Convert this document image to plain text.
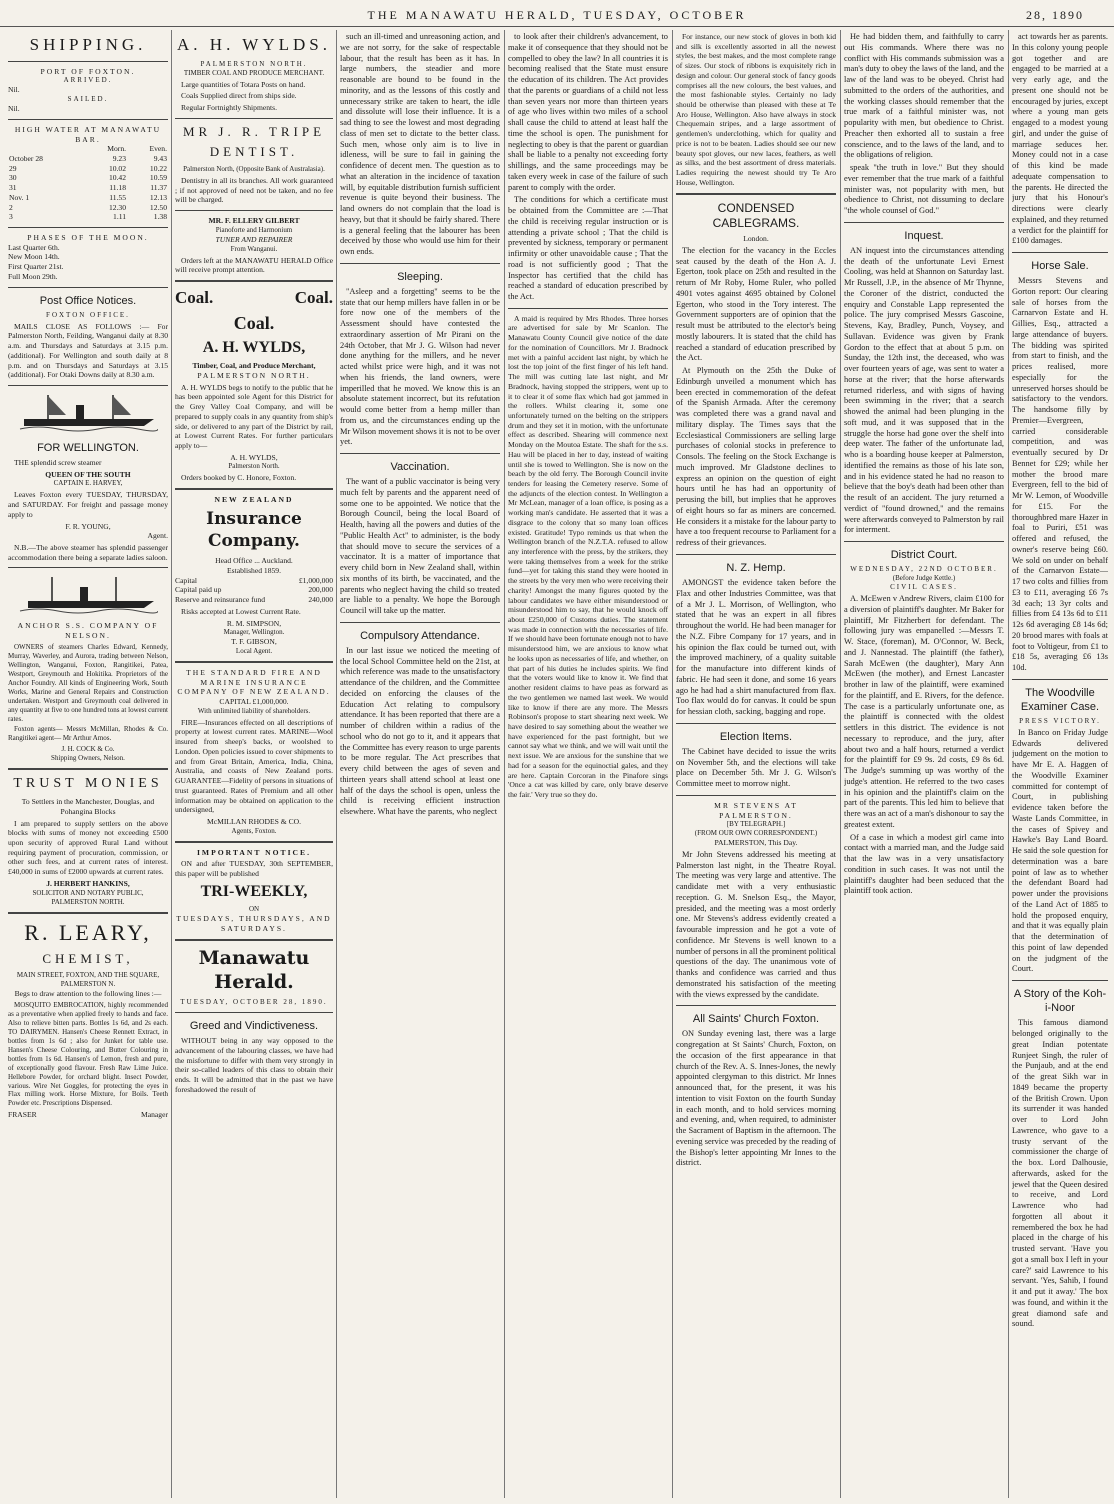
THE MANAWATU HERALD, TUESDAY, OCTOBER	28, 1890
SHIPPING.
PORT OF FOXTON.
ARRIVED.
Nil.
SAILED.
Nil.
HIGH WATER AT MANAWATU BAR.
	Morn.	Even.
October 28	9.23	9.43
29	10.02	10.22
30	10.42	10.59
31	11.18	11.37
Nov. 1	11.55	12.13
2	12.30	12.50
3	1.11	1.38
PHASES OF THE MOON.
Last Quarter 6th.
New Moon 14th.
First Quarter 21st.
Full Moon 29th.
Post Office Notices.
FOXTON OFFICE.

MAILS CLOSE AS FOLLOWS :— For Palmerston North, Feilding, Wanganui daily at 8.30 a.m. and Thursdays and Saturdays at 3.15 p.m. (additional). For Wellington and south daily at 8 p.m. and on Thursdays and Saturdays at 3.15 (additional). For Otaki Downs daily at 8.30 a.m.

FOR WELLINGTON.

THE splendid screw steamer

QUEEN OF THE SOUTH
CAPTAIN E. HARVEY,

Leaves Foxton every TUESDAY, THURSDAY, and SATURDAY. For freight and passage money apply to

F. R. YOUNG,
Agent.

N.B.—The above steamer has splendid passenger accommodation there being a separate ladies saloon.

ANCHOR S.S. COMPANY OF NELSON.

OWNERS of steamers Charles Edward, Kennedy, Murray, Waverley, and Aurora, trading between Nelson, Wellington, Wanganui, Foxton, Rangitikei, Patea, Westport, Greymouth and Hokitika. Proprietors of the Anchor Foundry. All kinds of Engineering Work, South Works, Marine and General Repairs and Construction undertaken. Westport and Greymouth coal delivered in any quantity at five to one hundred tons at lowest current rates.

Foxton agents— Messrs McMillan, Rhodes & Co. Rangitikei agent— Mr Arthur Amos.

J. H. COCK & Co.
Shipping Owners, Nelson.
TRUST MONIES
To Settlers in the Manchester, Douglas, and Pohangina Blocks

I am prepared to supply settlers on the above blocks with sums of money not exceeding £500 upon security of approved Rural Land without requiring payment of procuration, commission, or other such fees, and at current rates of interest. £40,000 in sums of £2000 upwards at current rates.

J. HERBERT HANKINS,
SOLICITOR AND NOTARY PUBLIC,
PALMERSTON NORTH.
R. LEARY,
CHEMIST,
MAIN STREET, FOXTON, AND THE SQUARE, PALMERSTON N.
Begs to draw attention to the following lines :—

MOSQUITO EMBROCATION, highly recommended as a preventative when applied freely to hands and face. Also to relieve bitten parts. Bottles 1s 6d, and 2s each. TO DAIRYMEN. Hansen's Cheese Rennett Extract, in bottles from 1s 6d ; also for Junket for table use. Hansen's Cheese Colouring, and Butter Colouring in bottles from 1s 6d. Hansen's of Lemon, fresh and pure, of exceptionally good flavour. Fresh Raw Lime Juice. Hellebore Powder, for orchard blight. Insect Powder, various. Wire Net Goggles, for protecting the eyes in Flax milling work. Horse Mixture, for Boils. Teeth Powder etc. Prescriptions Dispensed.

FRASER	Manager
A. H. WYLDS.
PALMERSTON NORTH.
TIMBER COAL AND PRODUCE MERCHANT.

Large quantities of Totara Posts on hand.

Coals Supplied direct from ships side.

Regular Fortnightly Shipments.

MR J. R. TRIPE
DENTIST.
Palmerston North, (Opposite Bank of Australasia).

Dentistry in all its branches. All work guaranteed ; if not approved of need not be taken, and no fee will be charged.

MR. F. ELLERY GILBERT
Pianoforte and Harmonium
TUNER AND REPAIRER
From Wanganui.

Orders left at the MANAWATU HERALD Office will receive prompt attention.

Coal.	Coal.
Coal.
A. H. WYLDS,
Timber, Coal, and Produce Merchant,
PALMERSTON NORTH.

A. H. WYLDS begs to notify to the public that he has been appointed sole Agent for this District for the Grey Valley Coal Company, and will be prepared to supply coals in any quantity from ship's side, or delivered to any part of the District by rail, at Lowest Current Rates. For further particulars apply to—

A. H. WYLDS,
Palmerston North.

Orders booked by C. Honore, Foxton.

NEW ZEALAND
Insurance Company.
Head Office ... Auckland.
Established 1859.
Capital	£1,000,000
Capital paid up	200,000
Reserve and reinsurance fund	240,000

Risks accepted at Lowest Current Rate.

R. M. SIMPSON,
Manager, Wellington.
T. F. GIBSON,
Local Agent.
THE STANDARD FIRE AND MARINE INSURANCE COMPANY OF NEW ZEALAND.
CAPITAL £1,000,000.
With unlimited liability of shareholders.

FIRE—Insurances effected on all descriptions of property at lowest current rates. MARINE—Wool insured from sheep's backs, or woolshed to London. Open policies issued to cover shipments to and from Great Britain, America, India, China, Australia, and coasts of New Zealand ports. GUARANTEE—Fidelity of persons in situations of trust guaranteed. Rates of Premium and all other information may be obtained on application to the undersigned,

McMILLAN RHODES & CO.
Agents, Foxton.
IMPORTANT NOTICE.

ON and after TUESDAY, 30th SEPTEMBER, this paper will be published

TRI-WEEKLY,
ON
TUESDAYS, THURSDAYS, AND SATURDAYS.
Manawatu Herald.
TUESDAY, OCTOBER 28, 1890.
Greed and Vindictiveness.

WITHOUT being in any way opposed to the advancement of the labouring classes, we have had the misfortune to differ with them very strongly in their so-called leaders of this class to obtain their ends. It will be admitted that in the past we have foreshadowed the result of

such an ill-timed and unreasoning action, and we are not sorry, for the sake of respectable labour, that the result has been as it has. In large numbers, the steadier and more reasonable are bound to be found in the minority, and as the lessons of this costly and unnecessary strike are taken to heart, the idle and dissolute will lose their influence. It is a sad thing to see the lowest and most degrading class of men set to dictate to the better class. Such men, whose only aim is to live in idleness, will be sure to fail in gaining the confidence of decent men. The question as to what an alteration in the incidence of taxation will, by equitable distribution furnish sufficient revenue is quite beyond their business. The land owners do not complain that the load is heavy, but that it should be fairly shared. There is a general feeling that the labourer has been deceived by those who would use him for their own ends.

Sleeping.

"Asleep and a forgetting" seems to be the state that our hemp millers have fallen in or be fore now one of the members of the Assessment should have contested the extraordinary assertion of Mr Pirani on the 24th October, that Mr J. G. Wilson had never done anything for the millers, and he never acted whilst price were high, and it was not when his friends, the land owners, were imperilled that he moved. We know this is an absolute statement incorrect, but its refutation would come better from a hemp miller than from us, and the circumstances ending up the Mr Wilson movement shows it is not to be over yet.

Vaccination.

The want of a public vaccinator is being very much felt by parents and the apparent need of some one to be appointed. We notice that the Borough Council, being the local Board of Health, having all the powers and duties of the "Public Health Act" to administer, is the body that should move to secure the services of a vaccinator. It is a matter of importance that every child born in New Zealand shall, within six months of its birth, be vaccinated, and the parents who neglect having the child so treated are liable to a penalty. We hope the Borough Council will take up the matter.

Compulsory Attendance.

In our last issue we noticed the meeting of the local School Committee held on the 21st, at which reference was made to the unsatisfactory attendance of the children, and the Committee decided on enforcing the clauses of the Education Act relating to compulsory attendance. It has been reported that there are a number of children within a radius of the school who do not go to it, and it appears that the Committee has every reason to urge parents to be more regular. The Act prescribes that every child between the ages of seven and thirteen years shall attend school at least one half of the days the school is open, unless the child is receiving efficient instruction elsewhere. What have the parents, who neglect

to look after their children's advancement, to make it of consequence that they should not be compelled to obey the law? In all countries it is becoming realised that the State must ensure the education of its children. The Act provides that the parents or guardians of a child not less than seven years nor more than thirteen years of age who lives within two miles of a school shall cause the child to attend at least half the time the school is open. The punishment for neglecting to obey is that the parent or guardian shall be liable to a penalty not exceeding forty shillings, and the same proceedings may be taken every week in case of the failure of such parent to comply with the order.

The conditions for which a certificate must be obtained from the Committee are :—That the child is receiving regular instruction or is attending a private school ; That the child is prevented by sickness, temporary or permanent infirmity or other unavoidable cause ; That the road is not sufficiently good ; That the Inspector has certified that the child has reached a standard of education prescribed by the Act.

A maid is required by Mrs Rhodes. Three horses are advertised for sale by Mr Scanlon. The Manawatu County Council give notice of the date for the nomination of Councillors. Mr J. Bradnock met with a painful accident last night, by which he lost the top joint of the first finger of his left hand. The mill was cutting late last night, and Mr Bradnock, having stopped the strippers, went up to it to clear it of some flax which had got jammed in the rollers. Whilst clearing it, some one unfortunately turned on the belting on the strippers drum and they set it in motion, with the unfortunate effect as described. Shearing will commence next Monday on the Moutoa Estate. The shaft for the s.s. Hau will be placed in her to day, instead of waiting until she is towed to Wellington. She is now on the beach by the old ferry. The Borough Council invite tenders for leasing the Cemetery reserve. Some of the adjuncts of the election contest. In Wellington a Mr McLean, manager of a loan office, is posing as a working man's candidate. He asserted that it was a disgrace to the colony that so many loan offices existed. Gratitude! Typo reminds us that when the Wellington branch of the N.Z.T.A. refused to allow any interference with the press, by the strikers, they were taking themselves from a week for the strike fund—yet for taking this stand they were hooted in the streets by the very men who were receiving their charity! Amongst the many figures quoted by the labour candidates we have either misunderstood or misunderstood him to say, that he would knock off about £250,000 of Customs duties. The statement was made in connection with the necessaries of life. If we should have been fortunate enough not to have misunderstood him, we are anxious to know what he looks upon as necessaries of life, and whether, on that part of his duties he includes spirits. We find that the voters would like to know it. We find that another resident claims to have peas as forward as the two gentlemen we named last week. We would like to know if there are any more. The Messrs Robinson's propose to start shearing next week. We have desired to say something about the weather we have experienced for the past fortnight, but we cannot say what we think, and we will wait until the next issue. We are anxious for the sunshine that we had for a season for the equinoctial gales, and they are here. Captain Corcoran in the Pinafore sings 'Once a cat was killed by care, only brave deserve the fair.' Very true so they do.

For instance, our new stock of gloves in both kid and silk is excellently assorted in all the newest styles, the best makes, and the most complete range of sizes. Our stock of ribbons is exquisitely rich in design and colour. Our general stock of fancy goods comprises all the new colours, the best values, and the most fashionable styles. Certainly no lady should be otherwise than pleased with these at Te Aro House, Wellington. Also have always in stock Chequemain stripes, and a large assortment of gentlemen's underclothing, which for quality and price is not to be beaten. Ladies should see our new beauty spot gloves, our new laces, feathers, as well as silks, and the best assortment of dress materials. Ladies requiring the newest should try Te Aro House, Wellington.

CONDENSED CABLEGRAMS.
London.

The election for the vacancy in the Eccles seat caused by the death of the Hon A. J. Egerton, took place on 25th and resulted in the return of Mr Roby, Home Ruler, who polled 4901 votes against 4695 obtained by Colonel Egerton, who stood in the Tory interest. The Government supporters are of opinion that the result must be attributed to the elector's being mostly labourers. It is stated that the child has reached a standard of education prescribed by the Act.

At Plymouth on the 25th the Duke of Edinburgh unveiled a monument which has been erected in commemoration of the defeat of the Spanish Armada. After the ceremony was completed there was a grand naval and military display. The Times says that the Ecclesiastical Commissioners are selling large purchases of colonial stocks in preference to Consols. The feeling on the Stock Exchange is much improved. Mr Gladstone declines to express an opinion on the question of eight hours until he has had an opportunity of perusing the bill, but implies that he approves of eight hours so far as miners are concerned. He considers it a mistake for the labour party to have a too frequent recourse to Parliament for a redress of their grievances.

N. Z. Hemp.

AMONGST the evidence taken before the Flax and other Industries Committee, was that of a Mr J. L. Morrison, of Wellington, who stated that he was an expert in all fibres throughout the world. He had been manager for the N.Z. Fibre Company for 17 years, and in his opinion the flax could be turned out, with the improved machinery, of a quality suitable for the manufacture into different kinds of fabric. He had seen it done, and some 16 years ago he had had a shirt manufactured from flax. Too flax would do for canvas. It could be spun for hessian cloth, sacking, bagging and rope.

Election Items.

The Cabinet have decided to issue the writs on November 5th, and the elections will take place on December 5th. Mr J. G. Wilson's Committee meet to morrow night.

MR STEVENS AT PALMERSTON.
[BY TELEGRAPH.]
(FROM OUR OWN CORRESPONDENT.)
PALMERSTON, This Day.

Mr John Stevens addressed his meeting at Palmerston last night, in the Theatre Royal. The meeting was very large and attentive. The candidate met with a very enthusiastic reception. G. M. Snelson Esq., the Mayor, presided, and the meeting was a most orderly one. Mr Stevens's address evidently created a favourable impression and he got a vote of confidence. Mr Stevens is well known to a number of persons in all the prominent political questions of the day. The unanimous vote of thanks and confidence was carried and thus demonstrated his satisfaction of the meeting with the views expressed by the candidate.

All Saints' Church Foxton.

ON Sunday evening last, there was a large congregation at St Saints' Church, Foxton, on the occasion of the first appearance in that church of the Rev. A. S. Innes-Jones, the newly appointed clergyman to this district. Mr Innes announced that, for the present, it was his intention to visit Foxton on the fourth Sunday in each month, and to hold services morning and evening, and, when required, to administer the Sacrament of Baptism in the afternoon. The evening service was preceded by the reading of the Bishop's letter appointing Mr Innes to the district.

He had bidden them, and faithfully to carry out His commands. Where there was no conflict with His commands submission was a man's duty to obey the laws of the land, and the law of the land was to be obeyed. Christ had submitted to the orders of the authorities, and the working classes should remember that the true mark of a faithful minister was, not popularity with men, but obedience to Christ. Preacher then exhorted all to sustain a free conscience, and to the laws of the land, and to the obligations of religion.

speak "the truth in love." But they should ever remember that the true mark of a faithful minister was, not popularity with men, but obedience to Christ, not dissuming to declare "the whole counsel of God."

Inquest.

AN inquest into the circumstances attending the death of the unfortunate Levi Ernest Cooling, was held at Shannon on Saturday last. Mr Russell, J.P., in the absence of Mr Thynne, the Coroner of the district, conducted the enquiry and Constable Lapp represented the police. The jury comprised Messrs Gascoine, Stevens, Kay, Bradley, Punch, Voysey, and Sullavan. Evidence was given by Frank Gordon to the effect that at about 5 p.m. on Sunday, the 12th inst, the deceased, who was over fourteen years of age, was sent to water a horse at the river; that the horse afterwards returned riderless, and with signs of having been swimming in the river; that a search showed the animal had been plunging in the soft mud, and it was supposed that in the struggle the horse had gone over the shelf into deep water. The father of the unfortunate lad, who is a boarding house keeper at Palmerston, identified the remains as those of his late son, and in his evidence stated he had no reason to believe that the boy's death had been other than the result of an accident. The jury returned a verdict of "found drowned," and the remains were afterwards conveyed to Palmerston by rail for interment.

District Court.
WEDNESDAY, 22ND OCTOBER.
(Before Judge Kettle.)
CIVIL CASES.

A. McEwen v Andrew Rivers, claim £100 for a diversion of plaintiff's daughter. Mr Baker for plaintiff, Mr Fitzherbert for defendant. The following jury was empanelled :—Messrs T. W. Stace, (foreman), M. O'Connor, W. Beck, and J. Nannestad. The plaintiff (the father), Sarah McEwen (the daughter), Mary Ann McEwen (the mother), and Ernest Lancaster brother in law of the plaintiff, were examined for the plaintiff, and E. Rivers, for the defence. The case is a particularly unfortunate one, as the plaintiff is connected with the oldest settlers in this district. The evidence is not necessary to reproduce, and the jury, after about two and a half hours, returned a verdict for the plaintiff for £9 9s. 2d costs, £9 8s 6d. The Judge's summing up was worthy of the judge's attention. He referred to the two cases in his opinion and the plaintiff's claim on the part of the parents. This led him to believe that there was an act of a man's dishonour to say the greatest extent.

Of a case in which a modest girl came into contact with a married man, and the Judge said that the law was in a very unsatisfactory condition in such cases. It was not until the plaintiff's daughter had been seduced that the plaintiff took action.

act towards her as parents. In this colony young people got together and are engaged to be married at a very early age, and the present one should not be encouraged by juries, except where a young man gets engaged to a modest young girl, and under the guise of marriage seduces her. Money could not in a case of this kind be made adequate compensation to the parents. He directed the jury that his Honour's directions were clearly explained, and they returned a verdict for the plaintiff for £100 damages.

Horse Sale.

Messrs Stevens and Gorton report: Our clearing sale of horses from the Carnarvon Estate and H. Gillies, Esq., attracted a large attendance of buyers. The bidding was spirited from start to finish, and the prices realised, more especially for the unreserved horses should be satisfactory to the vendors. The handsome filly by Premier—Evergreen, carried considerable competition, and was eventually secured by Dr Bennet for £29; while her mother the brood mare Evergreen, fell to the bid of Mr W. Lemon, of Woodville for £15. For the thoroughbred mare Hazer in foal to Puriri, £51 was offered and refused, the owner's reserve being £60. We sold on under on behalf of the Carnarvon Estate—17 two colts and fillies from £3 to £11, averaging £6 7s 3d each; 13 3yr colts and fillies from £4 13s 6d to £11 12s 6d averaging £8 14s 6d; 20 brood mares with foals at foot to Voltigeur, from £1 to £18 5s, averaging £6 13s 10d.

The Woodville Examiner Case.
PRESS VICTORY.

In Banco on Friday Judge Edwards delivered judgement on the motion to have Mr E. A. Haggen of the Woodville Examiner committed for contempt of Court, in publishing evidence taken before the Waste Lands Committee, in the cases of Spivey and Hawke's Bay Land Board. He said the sole question for determination was a bare point of law as to whether the defendant Board had power under the provisions of the Land Act of 1885 to hold the proposed enquiry, and that it was equally plain that the determination of this point of law depended on the judgment of the Court.

A Story of the Koh-i-Noor

This famous diamond belonged originally to the great Indian potentate Runjeet Singh, the ruler of the Punjaub, and at the end of the great Sikh war in 1849 became the property of the British Crown. Upon its surrender it was handed over to Lord John Lawrence, who gave to a trusty servant of the commissioner the charge of the box. Lord Dalhousie, afterwards, asked for the jewel that the Queen desired to receive, and Lord Lawrence who had forgotten all about it remembered the box he had placed in the charge of his trusted servant. 'Have you got a small box I left in your care?' said Lawrence to his servant. 'Yes, Sahib, I found it and put it away.' The box was found, and within it the great diamond safe and sound.
